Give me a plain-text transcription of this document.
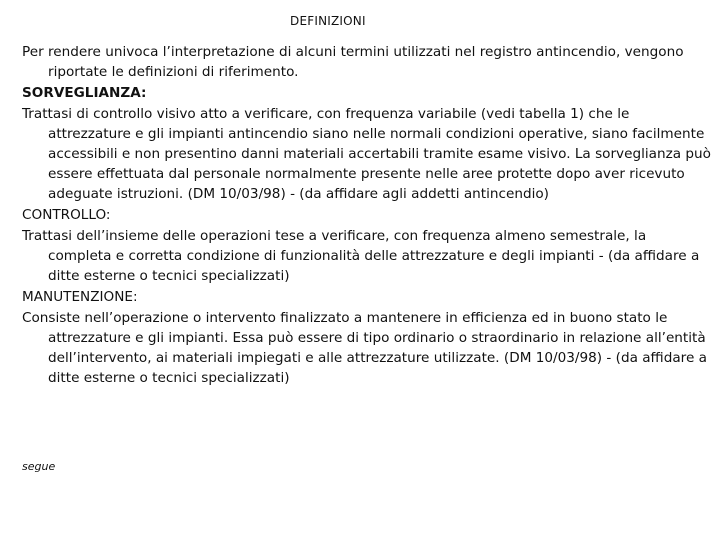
DEFINIZIONI

Per rendere univoca l’interpretazione di alcuni termini utilizzati nel registro antincendio, vengono riportate le definizioni di riferimento.

SORVEGLIANZA:

Trattasi di controllo visivo atto a verificare, con frequenza variabile (vedi tabella 1) che le attrezzature e gli impianti antincendio siano nelle normali condizioni operative, siano facilmente accessibili e non presentino danni materiali accertabili tramite esame visivo. La sorveglianza può essere effettuata dal personale normalmente presente nelle aree protette dopo aver ricevuto adeguate istruzioni. (DM 10/03/98) - (da affidare agli addetti antincendio)

CONTROLLO:

Trattasi dell’insieme delle operazioni tese a verificare, con frequenza almeno semestrale, la completa e corretta condizione di funzionalità delle attrezzature e degli impianti - (da affidare a ditte esterne o tecnici specializzati)

MANUTENZIONE:

Consiste nell’operazione o intervento finalizzato a mantenere in efficienza ed in buono stato le attrezzature e gli impianti. Essa può essere di tipo ordinario o straordinario in relazione all’entità dell’intervento, ai materiali impiegati e alle attrezzature utilizzate. (DM 10/03/98) - (da affidare a ditte esterne o tecnici specializzati)

segue
